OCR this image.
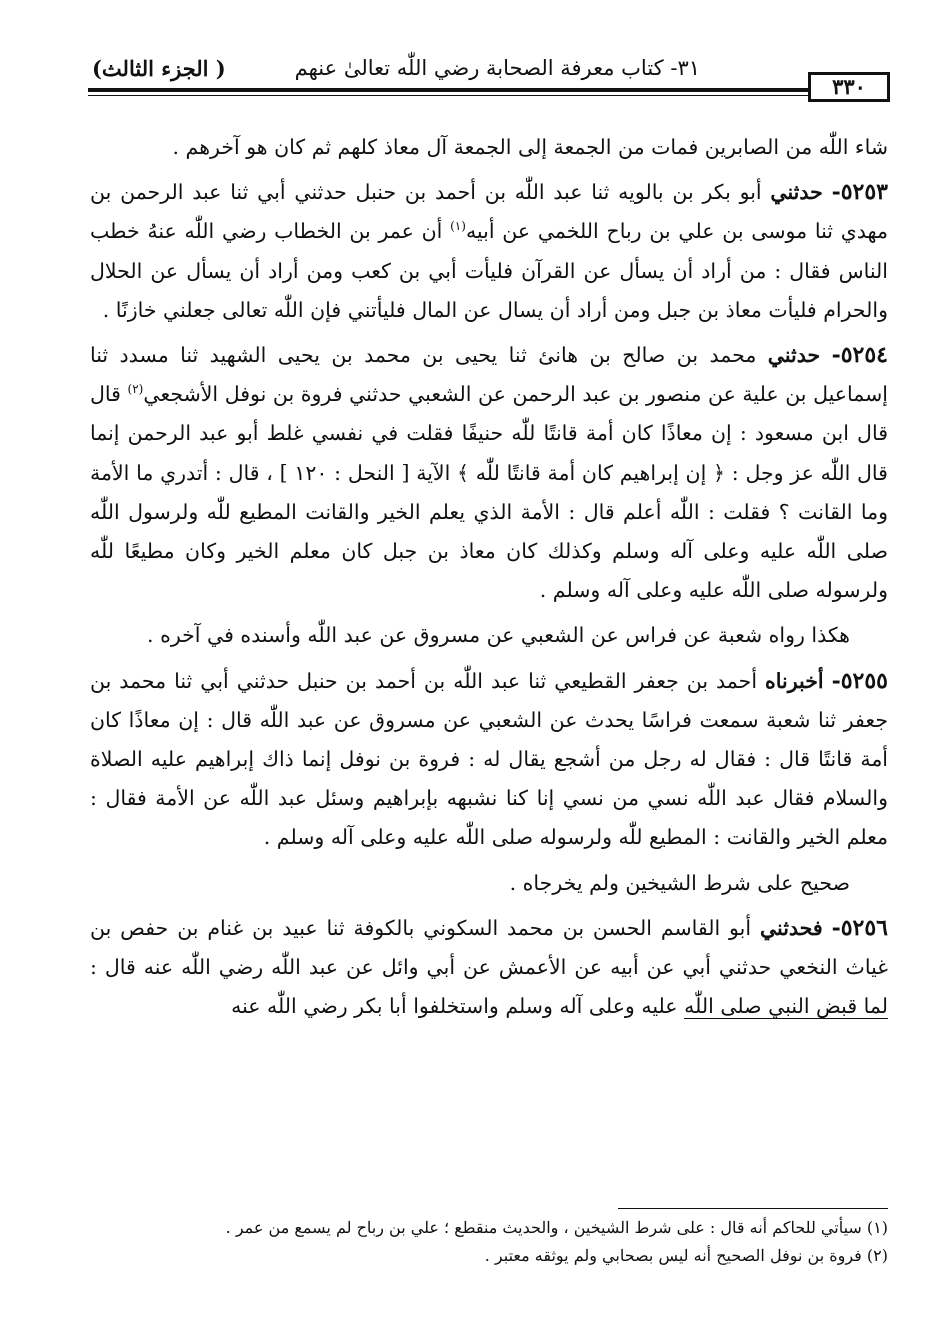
٣١- كتاب معرفة الصحابة رضي اللّٰه تعالىٰ عنهم
( الجزء الثالث)
٣٣٠

شاء اللّٰه من الصابرين فمات من الجمعة إلى الجمعة آل معاذ كلهم ثم كان هو آخرهم .

٥٢٥٣- حدثني أبو بكر بن بالويه ثنا عبد اللّٰه بن أحمد بن حنبل حدثني أبي ثنا عبد الرحمن بن مهدي ثنا موسى بن علي بن رباح اللخمي عن أبيه$^{(١)}$ أن عمر بن الخطاب رضي اللّٰه عنهُ خطب الناس فقال : من أراد أن يسأل عن القرآن فليأت أبي بن كعب ومن أراد أن يسأل عن الحلال والحرام فليأت معاذ بن جبل ومن أراد أن يسال عن المال فليأتني فإن اللّٰه تعالى جعلني خازنًا .

٥٢٥٤- حدثني محمد بن صالح بن هانئ ثنا يحيى بن محمد بن يحيى الشهيد ثنا مسدد ثنا إسماعيل بن علية عن منصور بن عبد الرحمن عن الشعبي حدثني فروة بن نوفل الأشجعي$^{(٢)}$ قال قال ابن مسعود : إن معاذًا كان أمة قانتًا للّٰه حنيفًا فقلت في نفسي غلط أبو عبد الرحمن إنما قال اللّٰه عز وجل : ﴿ إن إبراهيم كان أمة قانتًا للّٰه ﴾ الآية [ النحل : ١٢٠ ] ، قال : أتدري ما الأمة وما القانت ؟ فقلت : اللّٰه أعلم قال : الأمة الذي يعلم الخير والقانت المطيع للّٰه ولرسول اللّٰه صلى اللّٰه عليه وعلى آله وسلم وكذلك كان معاذ بن جبل كان معلم الخير وكان مطيعًا للّٰه ولرسوله صلى اللّٰه عليه وعلى آله وسلم .

هكذا رواه شعبة عن فراس عن الشعبي عن مسروق عن عبد اللّٰه وأسنده في آخره .

٥٢٥٥- أخبرناه أحمد بن جعفر القطيعي ثنا عبد اللّٰه بن أحمد بن حنبل حدثني أبي ثنا محمد بن جعفر ثنا شعبة سمعت فراسًا يحدث عن الشعبي عن مسروق عن عبد اللّٰه قال : إن معاذًا كان أمة قانتًا قال : فقال له رجل من أشجع يقال له : فروة بن نوفل إنما ذاك إبراهيم عليه الصلاة والسلام فقال عبد اللّٰه نسي من نسي إنا كنا نشبهه بإبراهيم وسئل عبد اللّٰه عن الأمة فقال : معلم الخير والقانت : المطيع للّٰه ولرسوله صلى اللّٰه عليه وعلى آله وسلم .

صحيح على شرط الشيخين ولم يخرجاه .

٥٢٥٦- فحدثني أبو القاسم الحسن بن محمد السكوني بالكوفة ثنا عبيد بن غنام بن حفص بن غياث النخعي حدثني أبي عن أبيه عن الأعمش عن أبي وائل عن عبد اللّٰه رضي اللّٰه عنه قال : لما قبض النبي صلى اللّٰه عليه وعلى آله وسلم واستخلفوا أبا بكر رضي اللّٰه عنه

(١) سيأتي للحاكم أنه قال : على شرط الشيخين ، والحديث منقطع ؛ علي بن رباح لم يسمع من عمر .

(٢) فروة بن نوفل الصحيح أنه ليس بصحابي ولم يوثقه معتبر .
